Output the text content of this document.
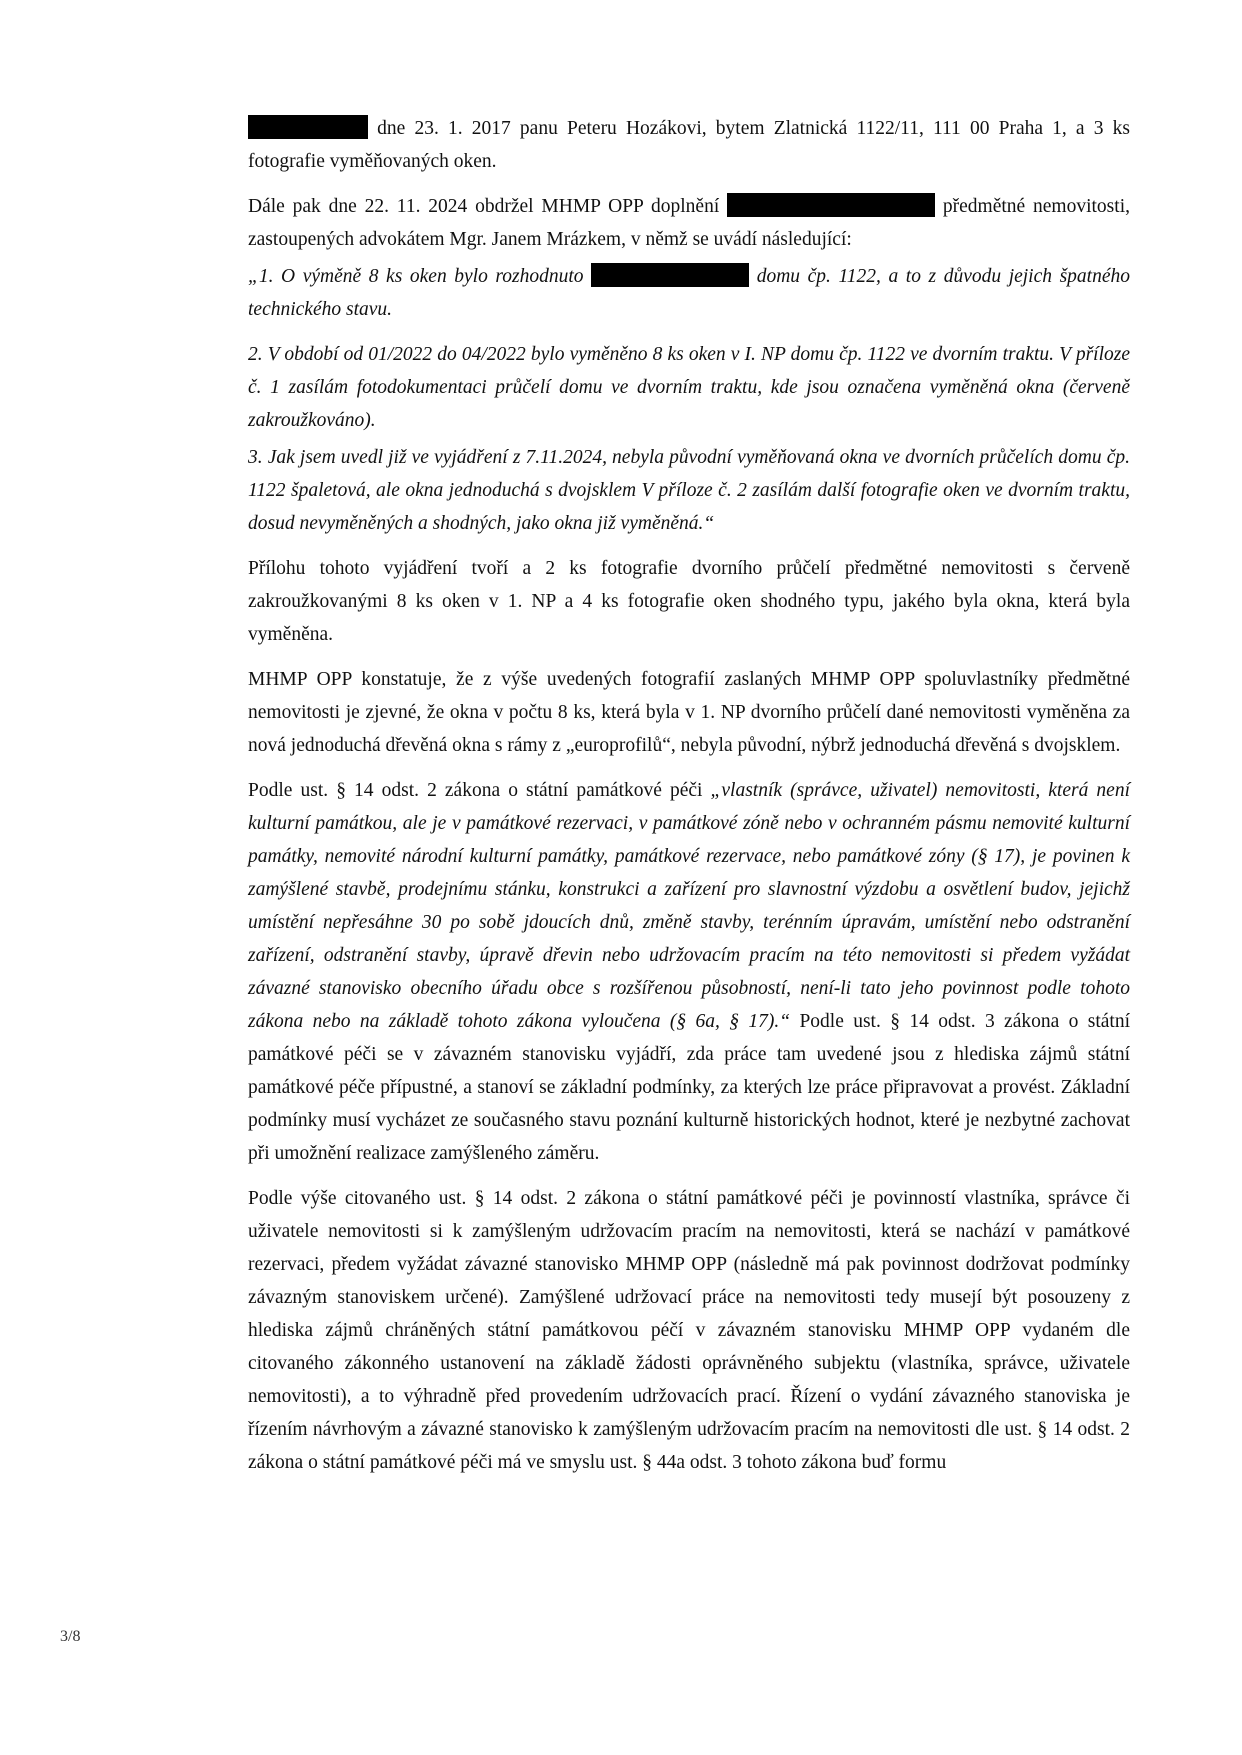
dne 23. 1. 2017 panu Peteru Hozákovi, bytem Zlatnická 1122/11, 111 00 Praha 1, a 3 ks fotografie vyměňovaných oken.

Dále pak dne 22. 11. 2024 obdržel MHMP OPP doplnění	předmětné nemovitosti, zastoupených advokátem Mgr. Janem Mrázkem, v němž se uvádí následující:

„1. O výměně 8 ks oken bylo rozhodnuto	domu čp. 1122, a to z důvodu jejich špatného technického stavu.

2. V období od 01/2022 do 04/2022 bylo vyměněno 8 ks oken v I. NP domu čp. 1122 ve dvorním traktu. V příloze č. 1 zasílám fotodokumentaci průčelí domu ve dvorním traktu, kde jsou označena vyměněná okna (červeně zakroužkováno).

3. Jak jsem uvedl již ve vyjádření z 7.11.2024, nebyla původní vyměňovaná okna ve dvorních průčelích domu čp. 1122 špaletová, ale okna jednoduchá s dvojsklem V příloze č. 2 zasílám další fotografie oken ve dvorním traktu, dosud nevyměněných a shodných, jako okna již vyměněná.“

Přílohu tohoto vyjádření tvoří a 2 ks fotografie dvorního průčelí předmětné nemovitosti s červeně zakroužkovanými 8 ks oken v 1. NP a 4 ks fotografie oken shodného typu, jakého byla okna, která byla vyměněna.

MHMP OPP konstatuje, že z výše uvedených fotografií zaslaných MHMP OPP spoluvlastníky předmětné nemovitosti je zjevné, že okna v počtu 8 ks, která byla v 1. NP dvorního průčelí dané nemovitosti vyměněna za nová jednoduchá dřevěná okna s rámy z „europrofilů“, nebyla původní, nýbrž jednoduchá dřevěná s dvojsklem.

Podle ust. § 14 odst. 2 zákona o státní památkové péči „vlastník (správce, uživatel) nemovitosti, která není kulturní památkou, ale je v památkové rezervaci, v památkové zóně nebo v ochranném pásmu nemovité kulturní památky, nemovité národní kulturní památky, památkové rezervace, nebo památkové zóny (§ 17), je povinen k zamýšlené stavbě, prodejnímu stánku, konstrukci a zařízení pro slavnostní výzdobu a osvětlení budov, jejichž umístění nepřesáhne 30 po sobě jdoucích dnů, změně stavby, terénním úpravám, umístění nebo odstranění zařízení, odstranění stavby, úpravě dřevin nebo udržovacím pracím na této nemovitosti si předem vyžádat závazné stanovisko obecního úřadu obce s rozšířenou působností, není-li tato jeho povinnost podle tohoto zákona nebo na základě tohoto zákona vyloučena (§ 6a, § 17).“ Podle ust. § 14 odst. 3 zákona o státní památkové péči se v závazném stanovisku vyjádří, zda práce tam uvedené jsou z hlediska zájmů státní památkové péče přípustné, a stanoví se základní podmínky, za kterých lze práce připravovat a provést. Základní podmínky musí vycházet ze současného stavu poznání kulturně historických hodnot, které je nezbytné zachovat při umožnění realizace zamýšleného záměru.

Podle výše citovaného ust. § 14 odst. 2 zákona o státní památkové péči je povinností vlastníka, správce či uživatele nemovitosti si k zamýšleným udržovacím pracím na nemovitosti, která se nachází v památkové rezervaci, předem vyžádat závazné stanovisko MHMP OPP (následně má pak povinnost dodržovat podmínky závazným stanoviskem určené). Zamýšlené udržovací práce na nemovitosti tedy musejí být posouzeny z hlediska zájmů chráněných státní památkovou péčí v závazném stanovisku MHMP OPP vydaném dle citovaného zákonného ustanovení na základě žádosti oprávněného subjektu (vlastníka, správce, uživatele nemovitosti), a to výhradně před provedením udržovacích prací. Řízení o vydání závazného stanoviska je řízením návrhovým a závazné stanovisko k zamýšleným udržovacím pracím na nemovitosti dle ust. § 14 odst. 2 zákona o státní památkové péči má ve smyslu ust. § 44a odst. 3 tohoto zákona buď formu

3/8
